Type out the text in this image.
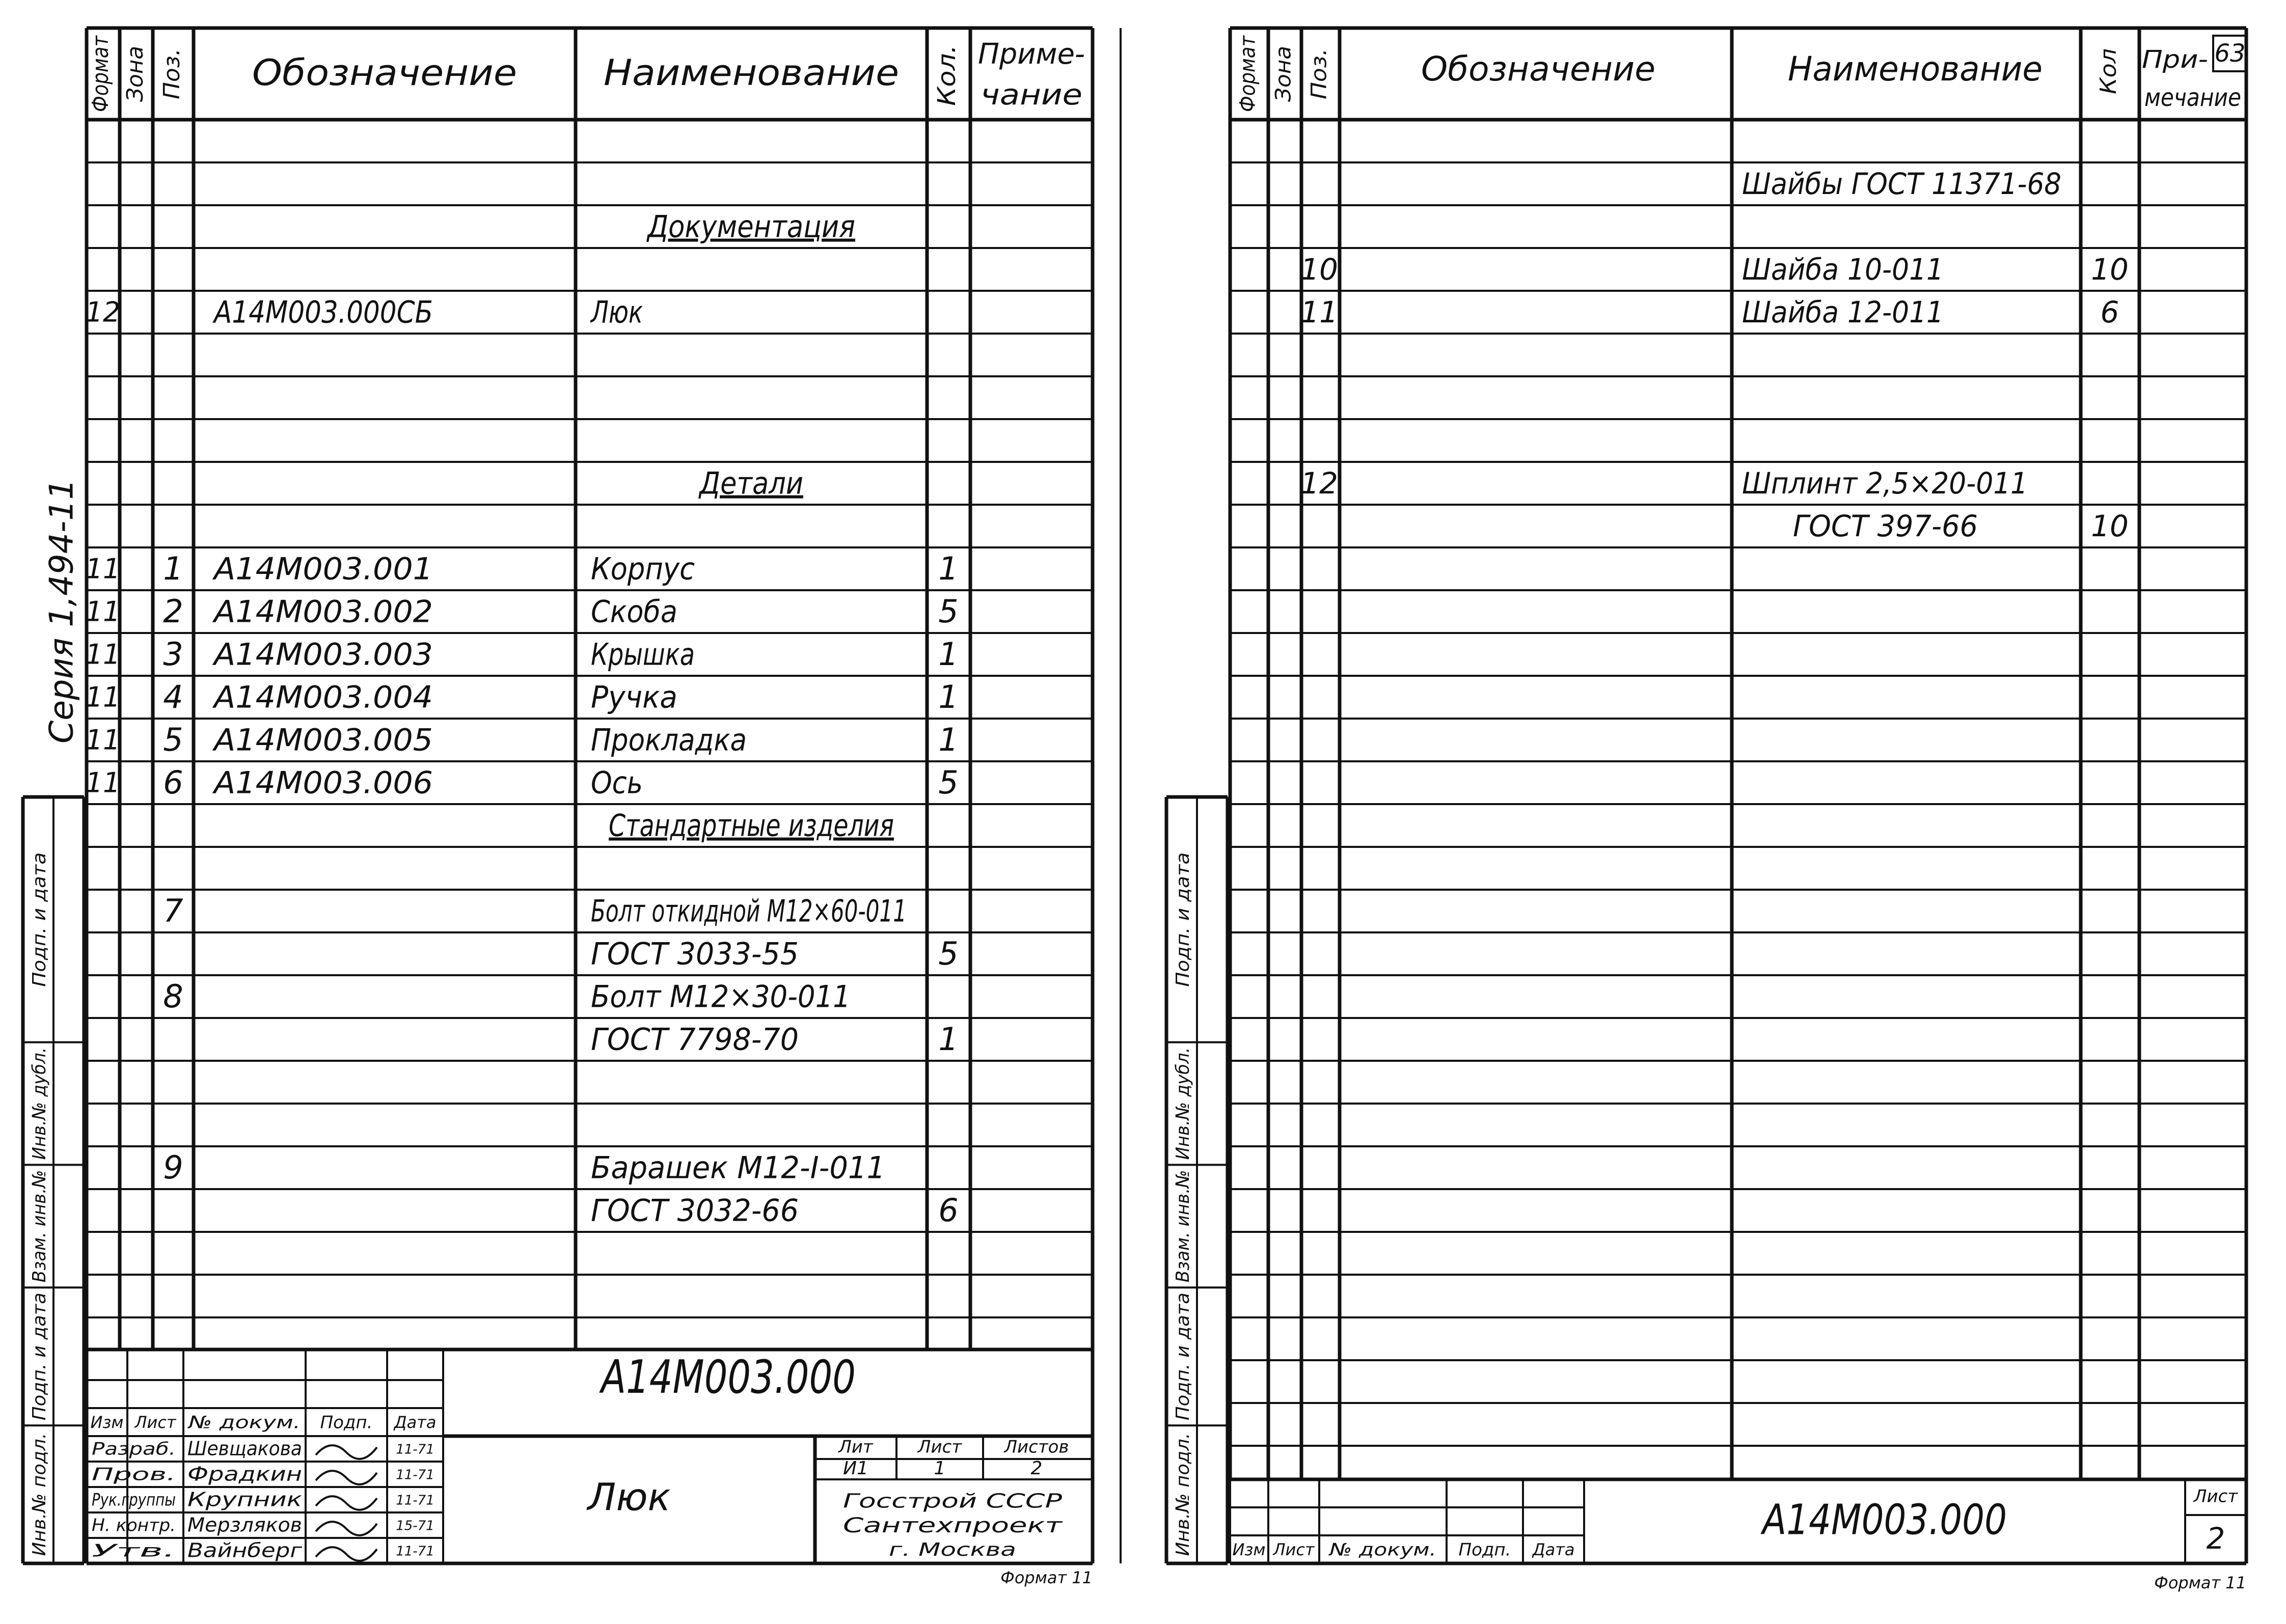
Формат Зона Поз. Обозначение Наименование Кол. Приме-
чание
Документация
12	А14М003.000СБ	Люк
Детали
11 1 А14М003.001	Корпус	1
11 2 А14М003.002	Скоба	5
11 3 А14М003.003	Крышка	1
11 4 А14М003.004	Ручка	1
11 5 А14М003.005	Прокладка	1
11 6 А14М003.006	Ось	5
Стандартные изделия
7	Болт откидной М12×60-011
ГОСТ 3033-55	5
8	Болт М12×30-011
ГОСТ 7798-70	1
9	Барашек М12-I-011
ГОСТ 3032-66	6
Изм Лист № докум. Подп. Дата
Разраб. Шевщакова	11-71
Пров. Фрадкин	11-71
Рук.группы Крупник	11-71
Н. контр. Мерзляков	15-71
Утв. Вайнберг	11-71
А14М003.000
Люк
Лит	Лист Листов
И1	1	2
Госстрой СССР
Сантехпроект
г. Москва
Формат 11
Серия 1,494-11
Инв.№ подл.
Подп. и дата
Взам. инв.№
Инв.№ дубл.
Подп. и дата
Формат Зона Поз.	Обозначение	Наименование Кол При-
мечание
63
Шайбы ГОСТ 11371-68
10	Шайба 10-011	10
11	Шайба 12-011	6
12	Шплинт 2,5×20-011
ГОСТ 397-66	10
Изм Лист № докум. Подп. Дата
А14М003.000	Лист
2
Формат 11
Инв.№ подл.
Подп. и дата
Взам. инв.№
Инв.№ дубл.
Подп. и дата
